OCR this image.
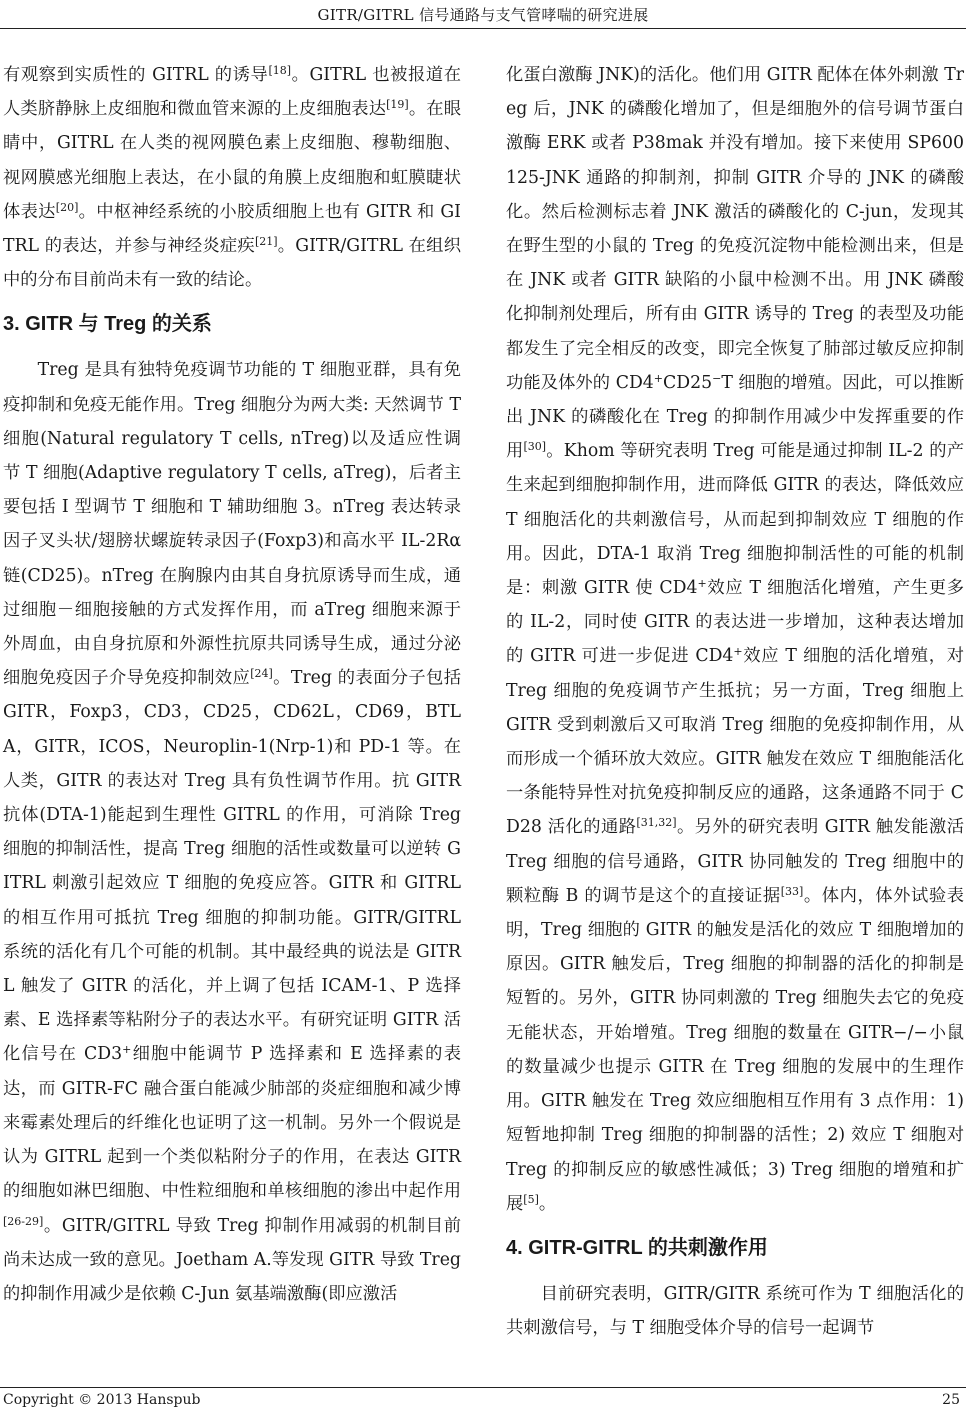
GITR/GITRL 信号通路与支气管哮喘的研究进展

有观察到实质性的 GITRL 的诱导[18]。GITRL 也被报道在人类脐静脉上皮细胞和微血管来源的上皮细胞表达[19]。在眼睛中，GITRL 在人类的视网膜色素上皮细胞、穆勒细胞、视网膜感光细胞上表达，在小鼠的角膜上皮细胞和虹膜睫状体表达[20]。中枢神经系统的小胶质细胞上也有 GITR 和 GITRL 的表达，并参与神经炎症疾[21]。GITR/GITRL 在组织中的分布目前尚未有一致的结论。

3. GITR 与 Treg 的关系

Treg 是具有独特免疫调节功能的 T 细胞亚群，具有免疫抑制和免疫无能作用。Treg 细胞分为两大类: 天然调节 T 细胞(Natural regulatory T cells, nTreg)以及适应性调节 T 细胞(Adaptive regulatory T cells, aTreg)，后者主要包括 I 型调节 T 细胞和 T 辅助细胞 3。nTreg 表达转录因子叉头状/翅膀状螺旋转录因子(Foxp3)和高水平 IL-2Rα 链(CD25)。nTreg 在胸腺内由其自身抗原诱导而生成，通过细胞－细胞接触的方式发挥作用，而 aTreg 细胞来源于外周血，由自身抗原和外源性抗原共同诱导生成，通过分泌细胞免疫因子介导免疫抑制效应[24]。Treg 的表面分子包括 GITR，Foxp3，CD3，CD25，CD62L，CD69，BTLA，GITR，ICOS，Neuroplin-1(Nrp-1)和 PD-1 等。在人类，GITR 的表达对 Treg 具有负性调节作用。抗 GITR 抗体(DTA-1)能起到生理性 GITRL 的作用，可消除 Treg 细胞的抑制活性，提高 Treg 细胞的活性或数量可以逆转 GITRL 刺激引起效应 T 细胞的免疫应答。GITR 和 GITRL 的相互作用可抵抗 Treg 细胞的抑制功能。GITR/GITRL 系统的活化有几个可能的机制。其中最经典的说法是 GITRL 触发了 GITR 的活化，并上调了包括 ICAM-1、P 选择素、E 选择素等粘附分子的表达水平。有研究证明 GITR 活化信号在 CD3+细胞中能调节 P 选择素和 E 选择素的表达，而 GITR-FC 融合蛋白能减少肺部的炎症细胞和减少博来霉素处理后的纤维化也证明了这一机制。另外一个假说是认为 GITRL 起到一个类似粘附分子的作用，在表达 GITR 的细胞如淋巴细胞、中性粒细胞和单核细胞的渗出中起作用[26-29]。GITR/GITRL 导致 Treg 抑制作用减弱的机制目前尚未达成一致的意见。Joetham A.等发现 GITR 导致 Treg 的抑制作用减少是依赖 C-Jun 氨基端激酶(即应激活

化蛋白激酶 JNK)的活化。他们用 GITR 配体在体外刺激 Treg 后，JNK 的磷酸化增加了，但是细胞外的信号调节蛋白激酶 ERK 或者 P38mak 并没有增加。接下来使用 SP600125-JNK 通路的抑制剂，抑制 GITR 介导的 JNK 的磷酸化。然后检测标志着 JNK 激活的磷酸化的 C-jun，发现其在野生型的小鼠的 Treg 的免疫沉淀物中能检测出来，但是在 JNK 或者 GITR 缺陷的小鼠中检测不出。用 JNK 磷酸化抑制剂处理后，所有由 GITR 诱导的 Treg 的表型及功能都发生了完全相反的改变，即完全恢复了肺部过敏反应抑制功能及体外的 CD4+CD25−T 细胞的增殖。因此，可以推断出 JNK 的磷酸化在 Treg 的抑制作用减少中发挥重要的作用[30]。Khom 等研究表明 Treg 可能是通过抑制 IL-2 的产生来起到细胞抑制作用，进而降低 GITR 的表达，降低效应 T 细胞活化的共刺激信号，从而起到抑制效应 T 细胞的作用。因此，DTA-1 取消 Treg 细胞抑制活性的可能的机制是：刺激 GITR 使 CD4+效应 T 细胞活化增殖，产生更多的 IL-2，同时使 GITR 的表达进一步增加，这种表达增加的 GITR 可进一步促进 CD4+效应 T 细胞的活化增殖，对 Treg 细胞的免疫调节产生抵抗；另一方面，Treg 细胞上 GITR 受到刺激后又可取消 Treg 细胞的免疫抑制作用，从而形成一个循环放大效应。GITR 触发在效应 T 细胞能活化一条能特异性对抗免疫抑制反应的通路，这条通路不同于 CD28 活化的通路[31,32]。另外的研究表明 GITR 触发能激活 Treg 细胞的信号通路，GITR 协同触发的 Treg 细胞中的颗粒酶 B 的调节是这个的直接证据[33]。体内，体外试验表明，Treg 细胞的 GITR 的触发是活化的效应 T 细胞增加的原因。GITR 触发后，Treg 细胞的抑制器的活化的抑制是短暂的。另外，GITR 协同刺激的 Treg 细胞失去它的免疫无能状态，开始增殖。Treg 细胞的数量在 GITR−/−小鼠的数量减少也提示 GITR 在 Treg 细胞的发展中的生理作用。GITR 触发在 Treg 效应细胞相互作用有 3 点作用：1) 短暂地抑制 Treg 细胞的抑制器的活性；2) 效应 T 细胞对 Treg 的抑制反应的敏感性减低；3) Treg 细胞的增殖和扩展[5]。

4. GITR-GITRL 的共刺激作用

目前研究表明，GITR/GITR 系统可作为 T 细胞活化的共刺激信号，与 T 细胞受体介导的信号一起调节

Copyright © 2013 Hanspub	25
